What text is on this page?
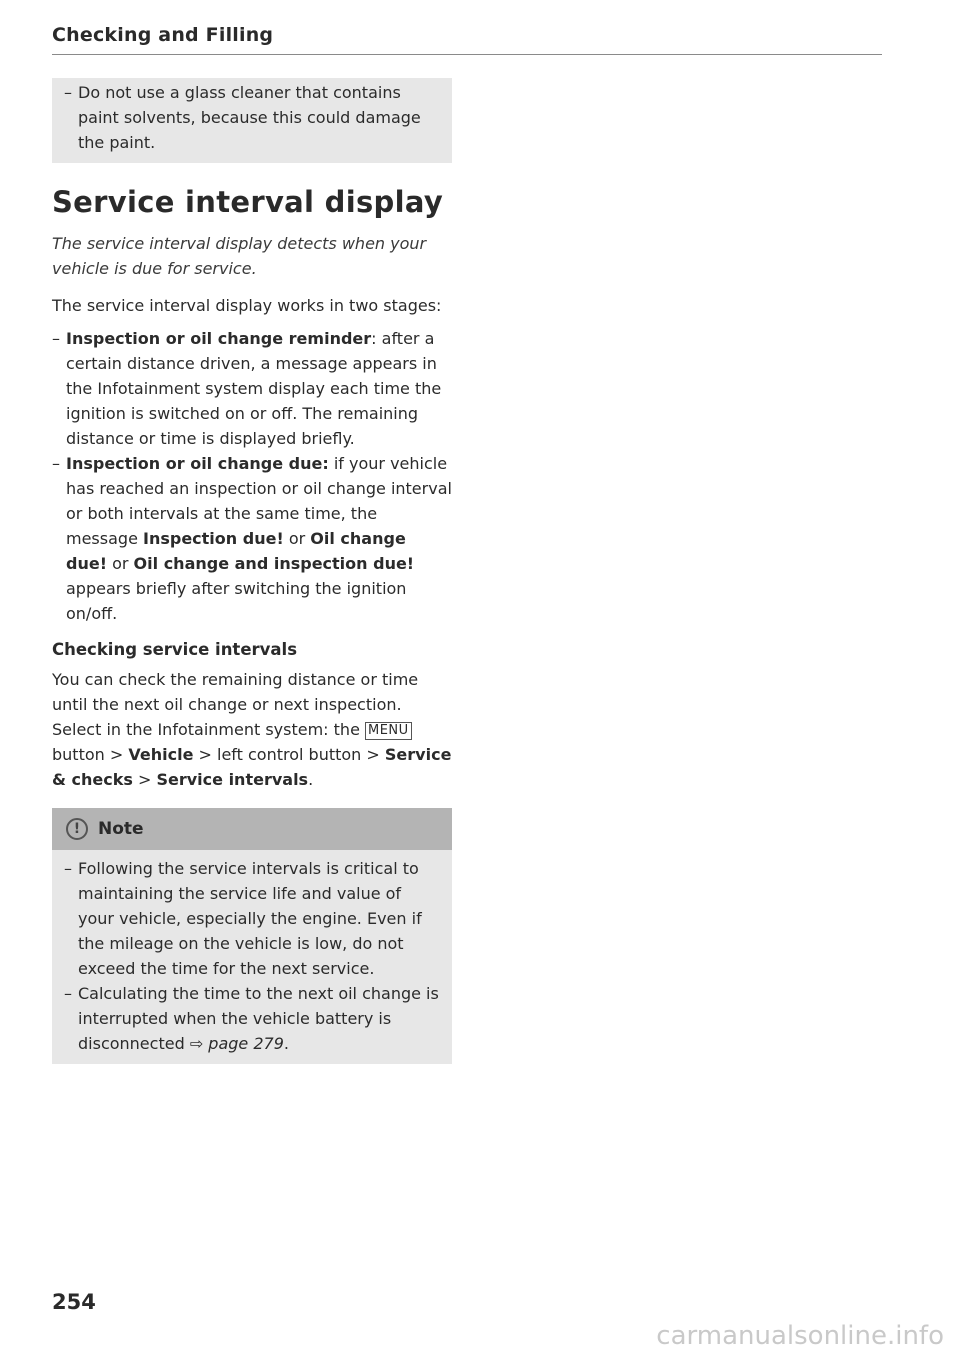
Checking and Filling
– Do not use a glass cleaner that contains paint solvents, because this could damage the paint.
Service interval display

The service interval display detects when your vehicle is due for service.

The service interval display works in two stages:

– Inspection or oil change reminder: after a certain distance driven, a message appears in the Infotainment system display each time the ignition is switched on or off. The remaining distance or time is displayed briefly.
– Inspection or oil change due: if your vehicle has reached an inspection or oil change interval or both intervals at the same time, the message Inspection due! or Oil change due! or Oil change and inspection due! appears briefly after switching the ignition on/off.
Checking service intervals

You can check the remaining distance or time until the next oil change or next inspection. Select in the Infotainment system: the MENU button > Vehicle > left control button > Service & checks > Service intervals.

!	Note
– Following the service intervals is critical to maintaining the service life and value of your vehicle, especially the engine. Even if the mileage on the vehicle is low, do not exceed the time for the next service.
– Calculating the time to the next oil change is interrupted when the vehicle battery is disconnected ⇨ page 279.
254
carmanualsonline.info
